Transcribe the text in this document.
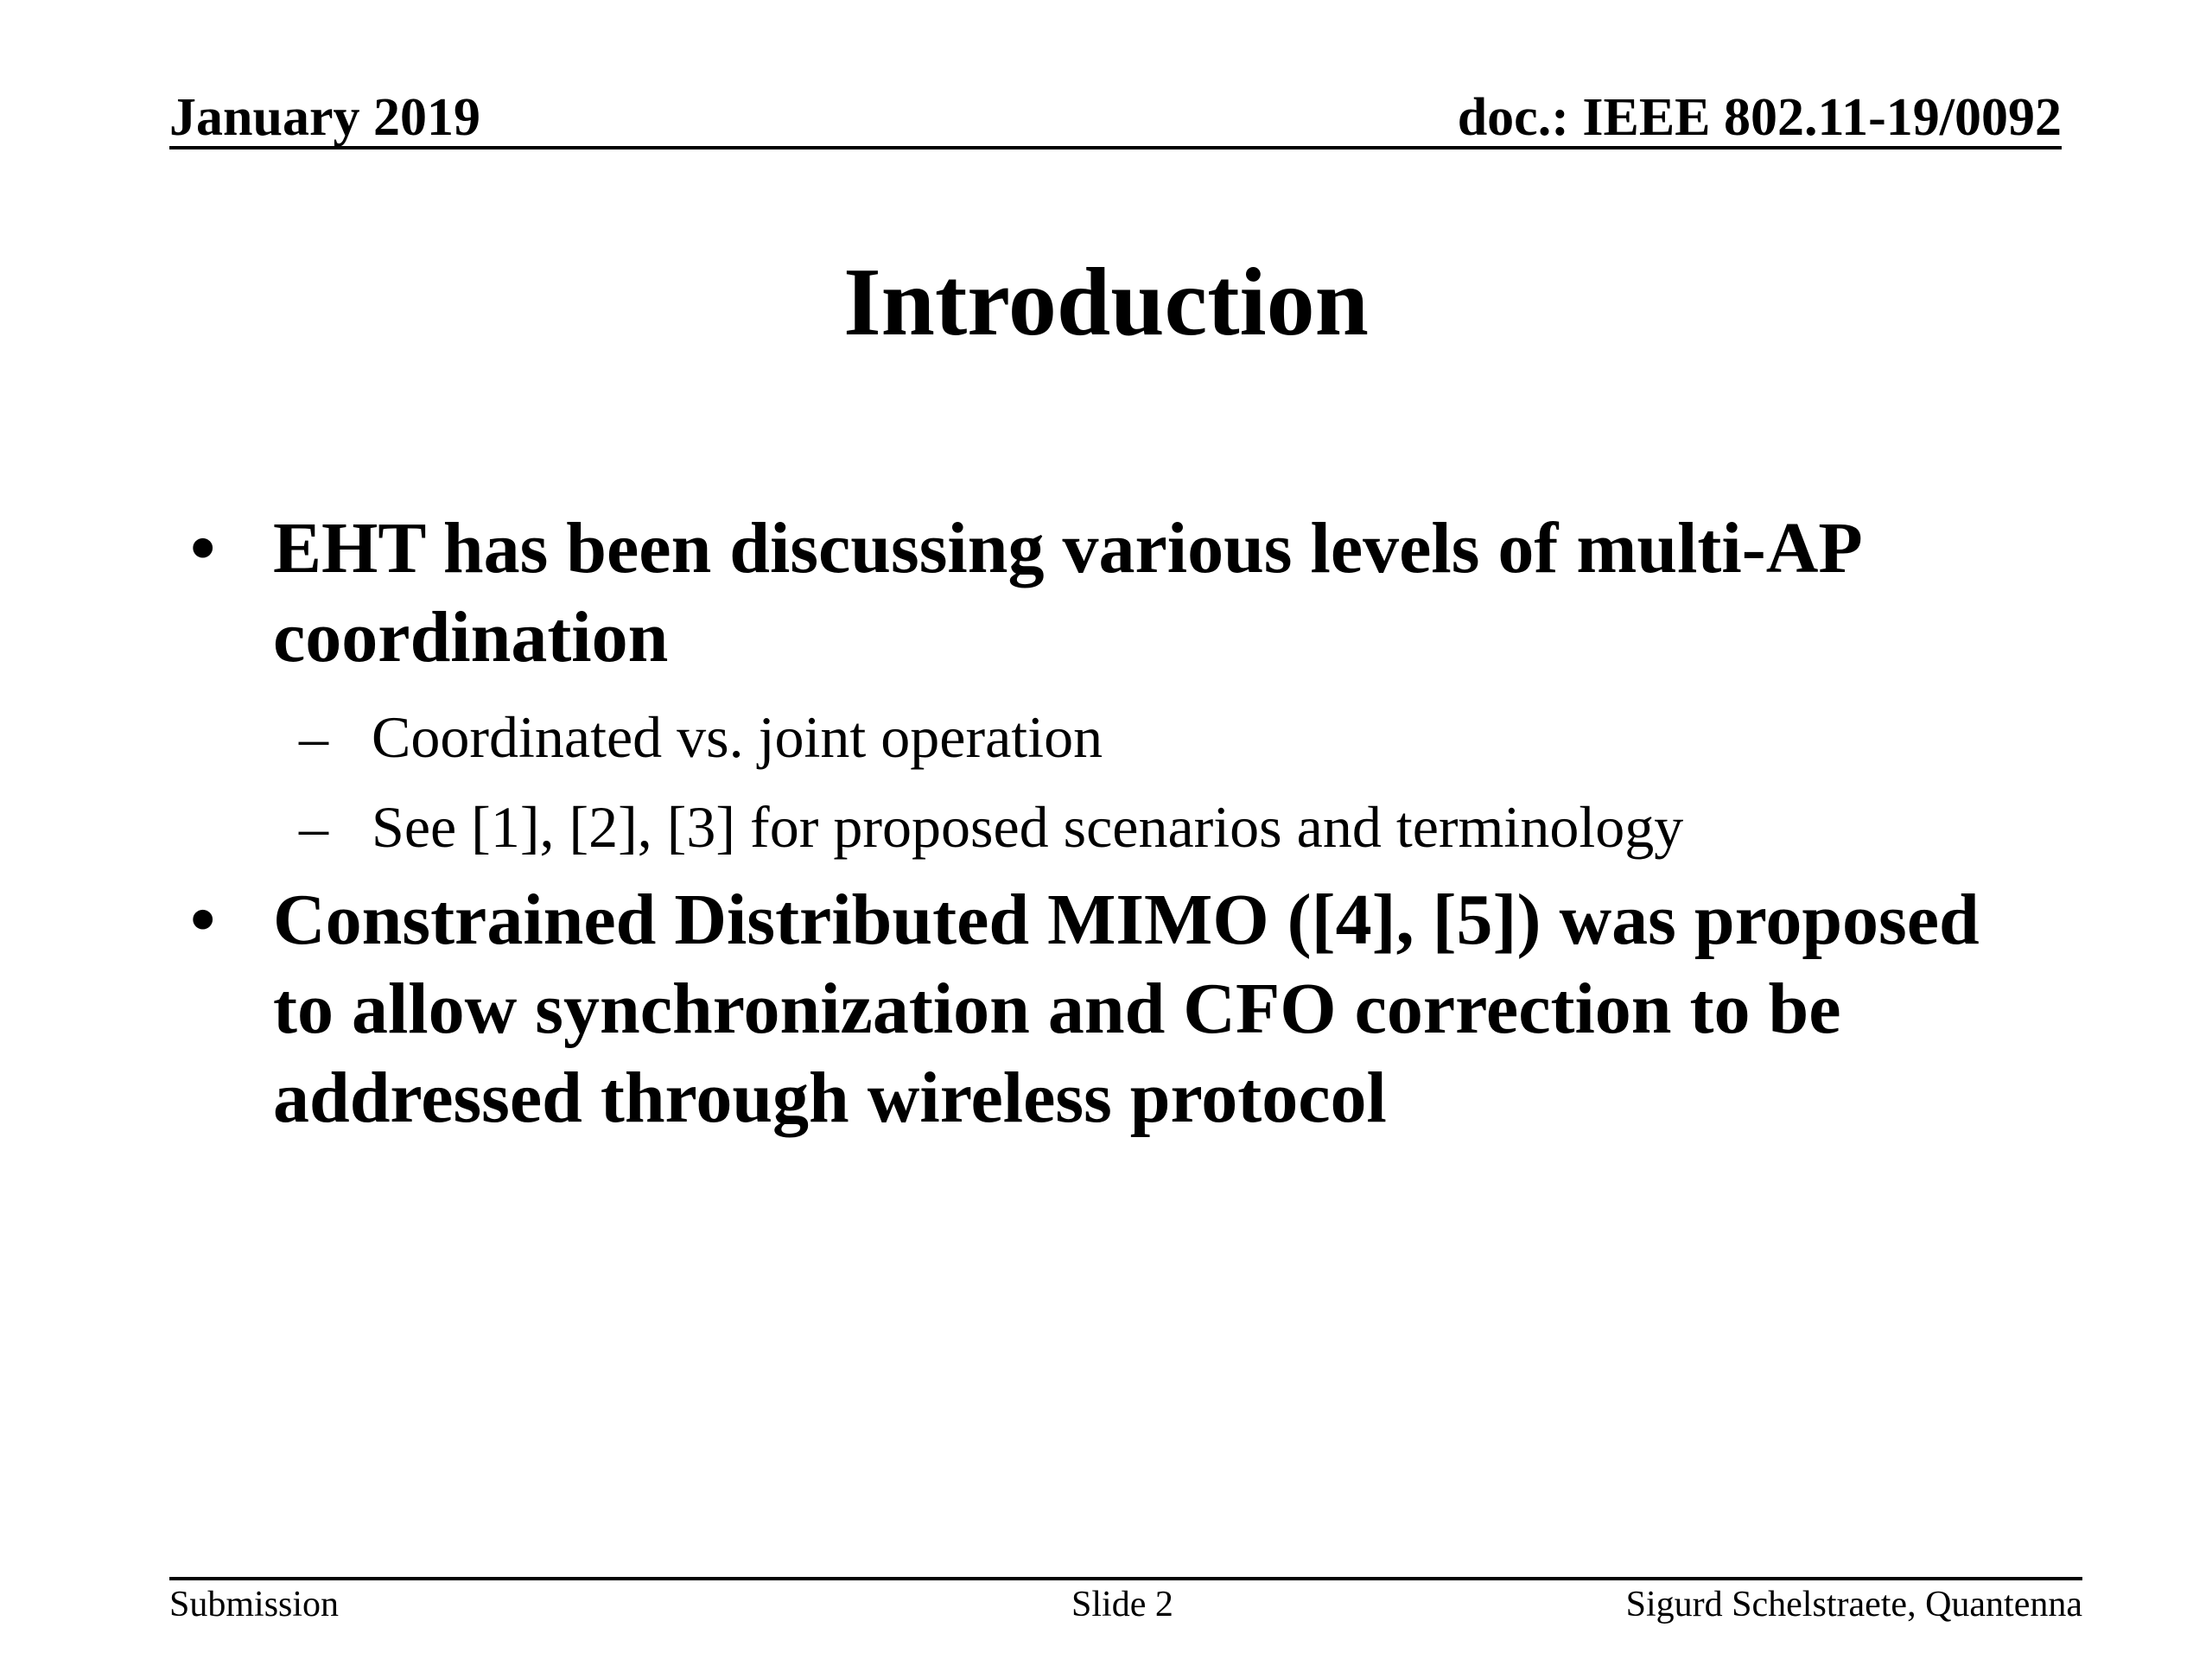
January 2019	doc.: IEEE 802.11-19/0092
Introduction
• EHT has been discussing various levels of multi-AP
coordination
– Coordinated vs. joint operation
– See [1], [2], [3] for proposed scenarios and terminology
• Constrained Distributed MIMO ([4], [5]) was proposed
to allow synchronization and CFO correction to be
addressed through wireless protocol
Submission	Slide 2	Sigurd Schelstraete, Quantenna
